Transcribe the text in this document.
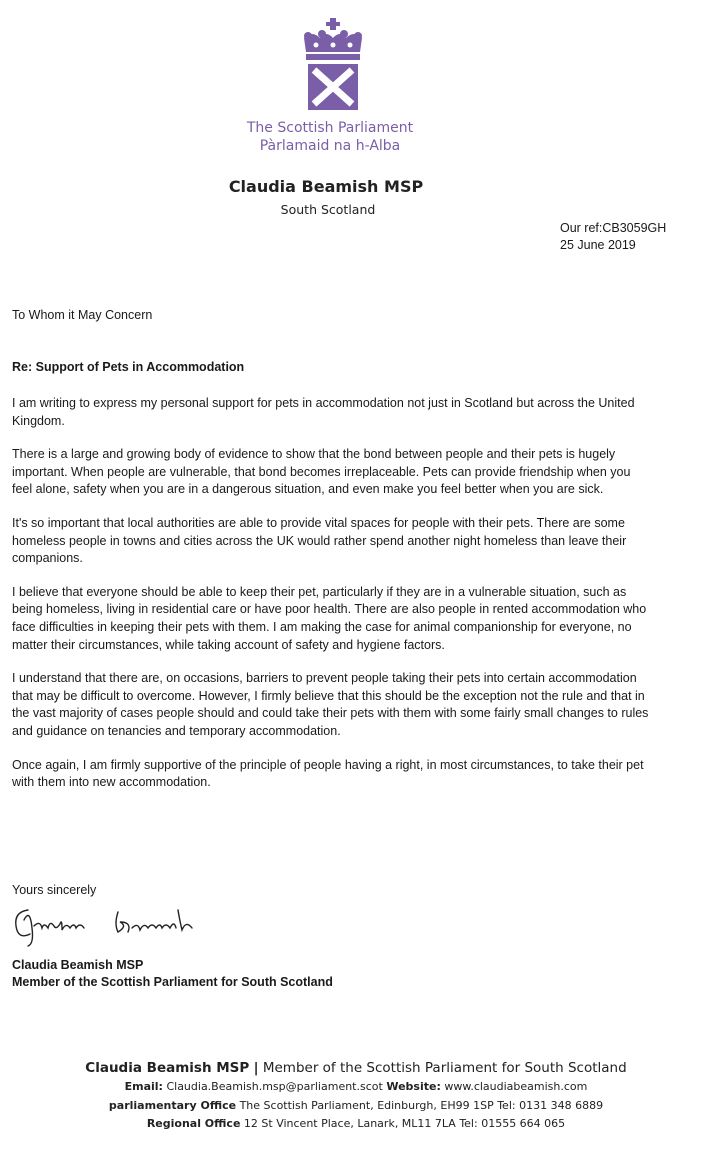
The Scottish Parliament
Pàrlamaid na h-Alba
Claudia Beamish MSP
South Scotland
Our ref:CB3059GH
25 June 2019
To Whom it May Concern
Re: Support of Pets in Accommodation

I am writing to express my personal support for pets in accommodation not just in Scotland but across the United Kingdom.

There is a large and growing body of evidence to show that the bond between people and their pets is hugely important. When people are vulnerable, that bond becomes irreplaceable. Pets can provide friendship when you feel alone, safety when you are in a dangerous situation, and even make you feel better when you are sick.

It's so important that local authorities are able to provide vital spaces for people with their pets. There are some homeless people in towns and cities across the UK would rather spend another night homeless than leave their companions.

I believe that everyone should be able to keep their pet, particularly if they are in a vulnerable situation, such as being homeless, living in residential care or have poor health. There are also people in rented accommodation who face difficulties in keeping their pets with them. I am making the case for animal companionship for everyone, no matter their circumstances, while taking account of safety and hygiene factors.

I understand that there are, on occasions, barriers to prevent people taking their pets into certain accommodation that may be difficult to overcome. However, I firmly believe that this should be the exception not the rule and that in the vast majority of cases people should and could take their pets with them with some fairly small changes to rules and guidance on tenancies and temporary accommodation.

Once again, I am firmly supportive of the principle of people having a right, in most circumstances, to take their pet with them into new accommodation.

Yours sincerely
Claudia Beamish MSP
Member of the Scottish Parliament for South Scotland
Claudia Beamish MSP | Member of the Scottish Parliament for South Scotland
Email: Claudia.Beamish.msp@parliament.scot Website: www.claudiabeamish.com
parliamentary Office The Scottish Parliament, Edinburgh, EH99 1SP Tel: 0131 348 6889
Regional Office 12 St Vincent Place, Lanark, ML11 7LA Tel: 01555 664 065
